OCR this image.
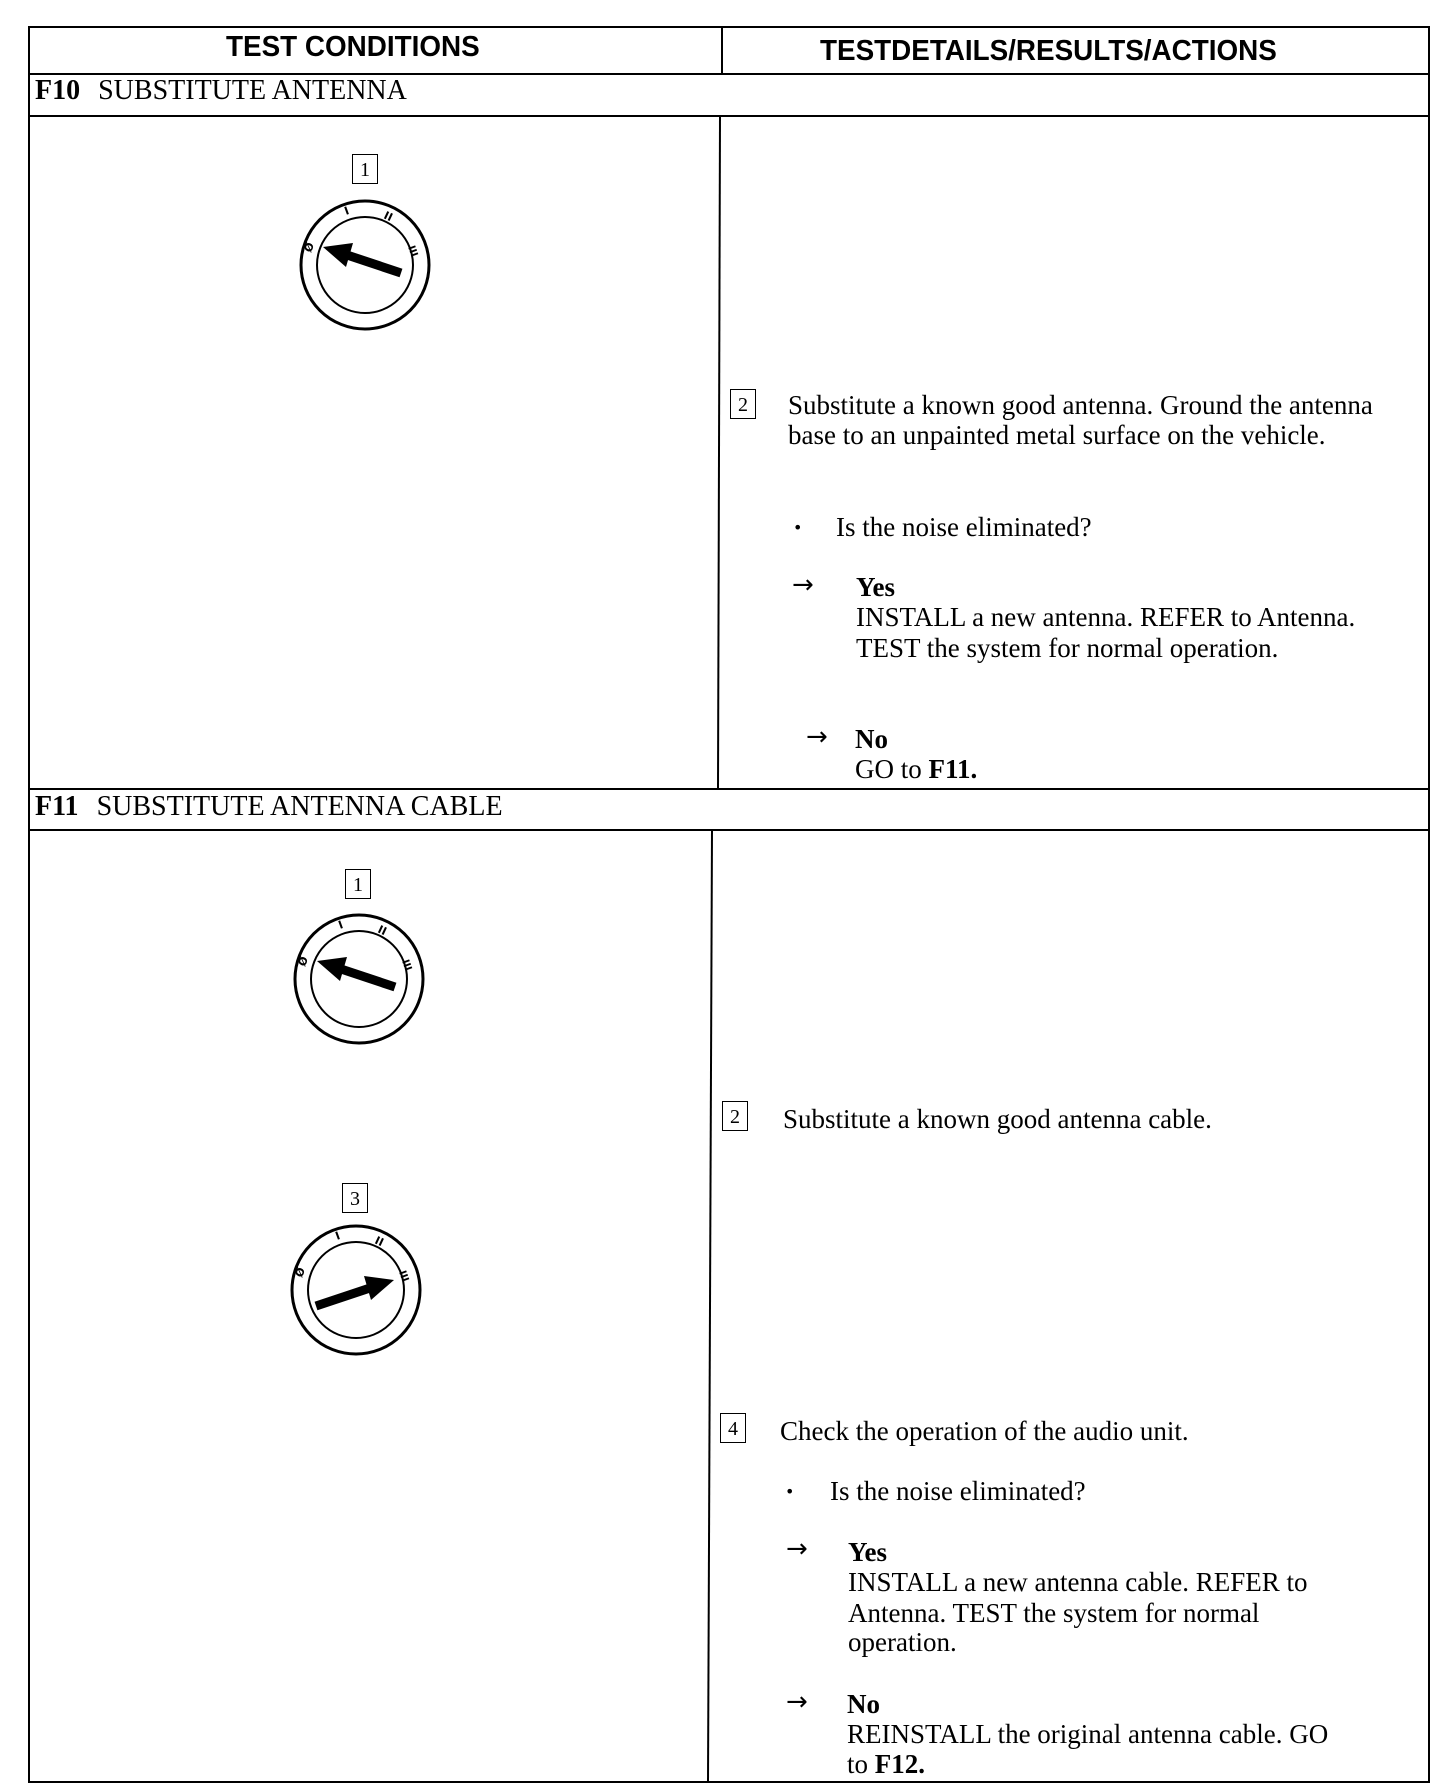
TEST CONDITIONS	TESTDETAILS/RESULTS/ACTIONS
F10 SUBSTITUTE ANTENNA
1
Ø
I	II
III
2 Substitute a known good antenna. Ground the antenna base to an unpainted metal surface on the vehicle.
• Is the noise eliminated?
→ Yes
INSTALL a new antenna. REFER to Antenna.
TEST the system for normal operation.
→ No
GO to F11.
F11 SUBSTITUTE ANTENNA CABLE
1
Ø
I	II
III
3
Ø
I	II
III
2 Substitute a known good antenna cable.
4 Check the operation of the audio unit.
• Is the noise eliminated?
→ Yes
INSTALL a new antenna cable. REFER to
Antenna. TEST the system for normal
operation.
→ No
REINSTALL the original antenna cable. GO
to F12.
